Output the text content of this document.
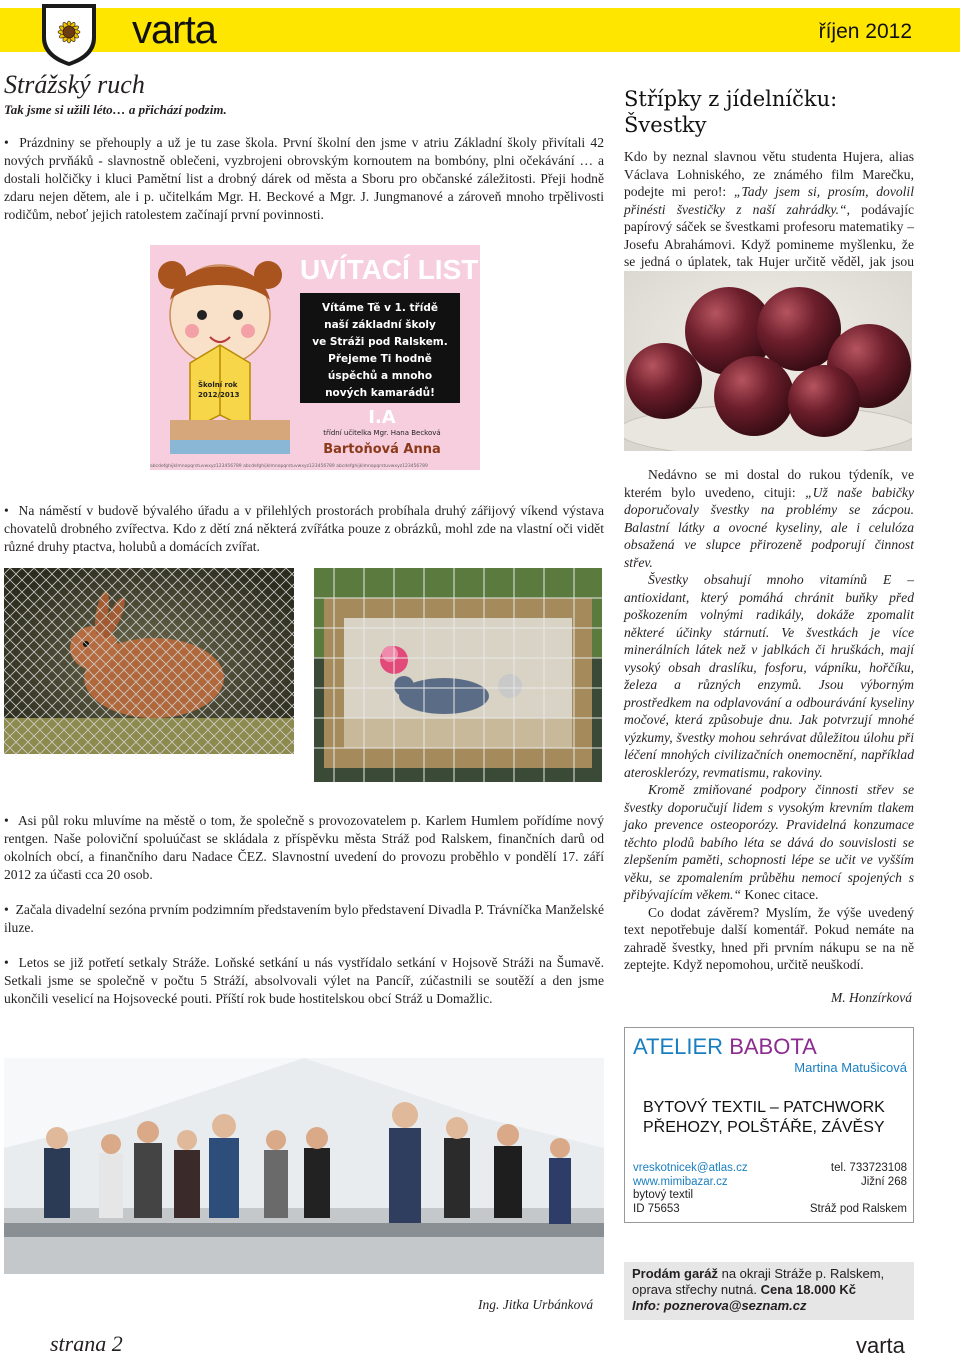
varta	říjen 2012
Strážský ruch
Tak jsme si užili léto… a přichází podzim.
•  Prázdniny se přehouply a už je tu zase škola. První školní den jsme v atriu Základní školy přivítali 42 nových prvňáků - slavnostně oblečeni, vyzbrojeni obrovským kornoutem na bombóny, plni očekávání … a dostali holčičky i kluci Pamětní list a drobný dárek od města a Sboru pro občanské záležitosti. Přeji hodně zdaru nejen dětem, ale i p. učitelkám Mgr. H. Beckové a Mgr. J. Jungmanové a zároveň mnoho trpělivosti rodičům, neboť jejich ratolestem začínají první povinnosti.
UVÍTACÍ LIST
Vítáme Tě v 1. třídě
naší základní školy
ve Stráži pod Ralskem.
Přejeme Ti hodně
úspěchů a mnoho
nových kamarádů!
Školní rok
2012/2013
I.A
třídní učitelka Mgr. Hana Becková
Bartoňová Anna
abcdefghijklmnopqrstuvwxyz123456789 abcdefghijklmnopqrstuvwxyz123456789 abcdefghijklmnopqrstuvwxyz123456789
•  Na náměstí v budově bývalého úřadu a v přilehlých prostorách probíhala druhý zářijový víkend výstava chovatelů drobného zvířectva. Kdo z dětí zná některá zvířátka pouze z obrázků, mohl zde na vlastní oči vidět různé druhy ptactva, holubů a domácích zvířat.
•  Asi půl roku mluvíme na městě o tom, že společně s provozovatelem p. Karlem Humlem pořídíme nový rentgen. Naše poloviční spoluúčast se skládala z příspěvku města Stráž pod Ralskem, finančních darů od okolních obcí, a finančního daru Nadace ČEZ. Slavnostní uvedení do provozu proběhlo v pondělí 17. září 2012 za účasti cca 20 osob.
•  Začala divadelní sezóna prvním podzimním představením bylo představení Divadla P. Trávníčka Manželské iluze.
•  Letos se již potřetí setkaly Stráže. Loňské setkání u nás vystřídalo setkání v Hojsově Stráži na Šumavě. Setkali jsme se společně v počtu 5 Stráží, absolvovali výlet na Pancíř, zúčastnili se soutěží a den jsme ukončili veselicí na Hojsovecké pouti. Příští rok bude hostitelskou obcí Stráž u Domažlic.
Ing. Jitka Urbánková
Střípky z jídelníčku: Švestky
Kdo by neznal slavnou větu studenta Hujera, alias Václava Lohniského, ze známého film Marečku, podejte mi pero!: „Tady jsem si, prosím, dovolil přinésti švestičky z naší zahrádky.“, podávajíc papírový sáček se švestkami profesoru matematiky – Josefu Abrahámovi. Když pomineme myšlenku, že se jedná o úplatek, tak Hujer určitě věděl, jak jsou
Nedávno se mi dostal do rukou týdeník, ve kterém bylo uvedeno, cituji: „Už naše babičky doporučovaly švestky na problémy se zácpou. Balastní látky a ovocné kyseliny, ale i celulóza obsažená ve slupce přirozeně podporují činnost střev.
Švestky obsahují mnoho vitamínů E – antioxidant, který pomáhá chránit buňky před poškozením volnými radikály, dokáže zpomalit některé účinky stárnutí. Ve švestkách je více minerálních látek než v jablkách či hruškách, mají vysoký obsah draslíku, fosforu, vápníku, hořčíku, železa a různých enzymů. Jsou výborným prostředkem na odplavování a odbourávání kyseliny močové, která způsobuje dnu. Jak potvrzují mnohé výzkumy, švestky mohou sehrávat důležitou úlohu při léčení mnohých civilizačních onemocnění, například aterosklerózy, revmatismu, rakoviny.
Kromě zmiňované podpory činnosti střev se švestky doporučují lidem s vysokým krevním tlakem jako prevence osteoporózy. Pravidelná konzumace těchto plodů babího léta se dává do souvislosti se zlepšením paměti, schopnosti lépe se učit ve vyšším věku, se zpomalením průběhu nemocí spojených s přibývajícím věkem.“ Konec citace.
Co dodat závěrem? Myslím, že výše uvedený text nepotřebuje další komentář. Pokud nemáte na zahradě švestky, hned při prvním nákupu se na ně zeptejte. Když nepomohou, určitě neuškodí.
M. Honzírková
ATELIER BABOTA
Martina Matušicová
BYTOVÝ TEXTIL – PATCHWORK
PŘEHOZY, POLŠTÁŘE, ZÁVĚSY
vreskotnicek@atlas.cz
www.mimibazar.cz
bytový textil
ID 75653
tel. 733723108
Jižní 268
Stráž pod Ralskem
Prodám garáž na okraji Stráže p. Ralskem, oprava střechy nutná. Cena 18.000 Kč
Info: poznerova@seznam.cz
strana 2	varta
